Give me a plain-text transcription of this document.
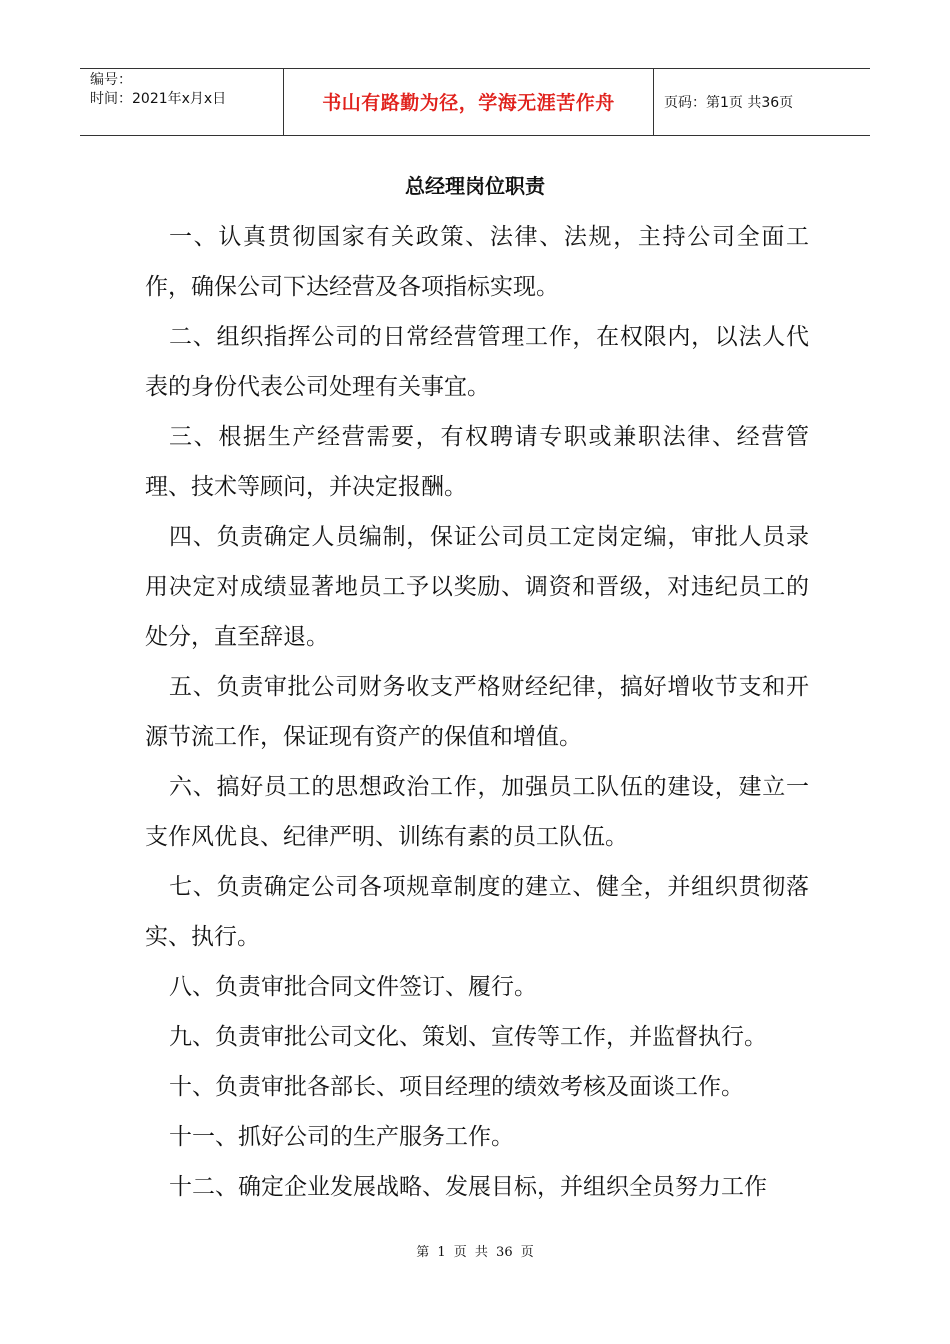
编号：
时间：2021年x月x日	书山有路勤为径，学海无涯苦作舟	页码：第1页 共36页
总经理岗位职责

一、认真贯彻国家有关政策、法律、法规，主持公司全面工作，确保公司下达经营及各项指标实现。

二、组织指挥公司的日常经营管理工作，在权限内，以法人代表的身份代表公司处理有关事宜。

三、根据生产经营需要，有权聘请专职或兼职法律、经营管理、技术等顾问，并决定报酬。

四、负责确定人员编制，保证公司员工定岗定编，审批人员录用决定对成绩显著地员工予以奖励、调资和晋级，对违纪员工的处分，直至辞退。

五、负责审批公司财务收支严格财经纪律，搞好增收节支和开源节流工作，保证现有资产的保值和增值。

六、搞好员工的思想政治工作，加强员工队伍的建设，建立一支作风优良、纪律严明、训练有素的员工队伍。

七、负责确定公司各项规章制度的建立、健全，并组织贯彻落实、执行。

八、负责审批合同文件签订、履行。

九、负责审批公司文化、策划、宣传等工作，并监督执行。

十、负责审批各部长、项目经理的绩效考核及面谈工作。

十一、抓好公司的生产服务工作。

十二、确定企业发展战略、发展目标，并组织全员努力工作

第 1 页 共 36 页
